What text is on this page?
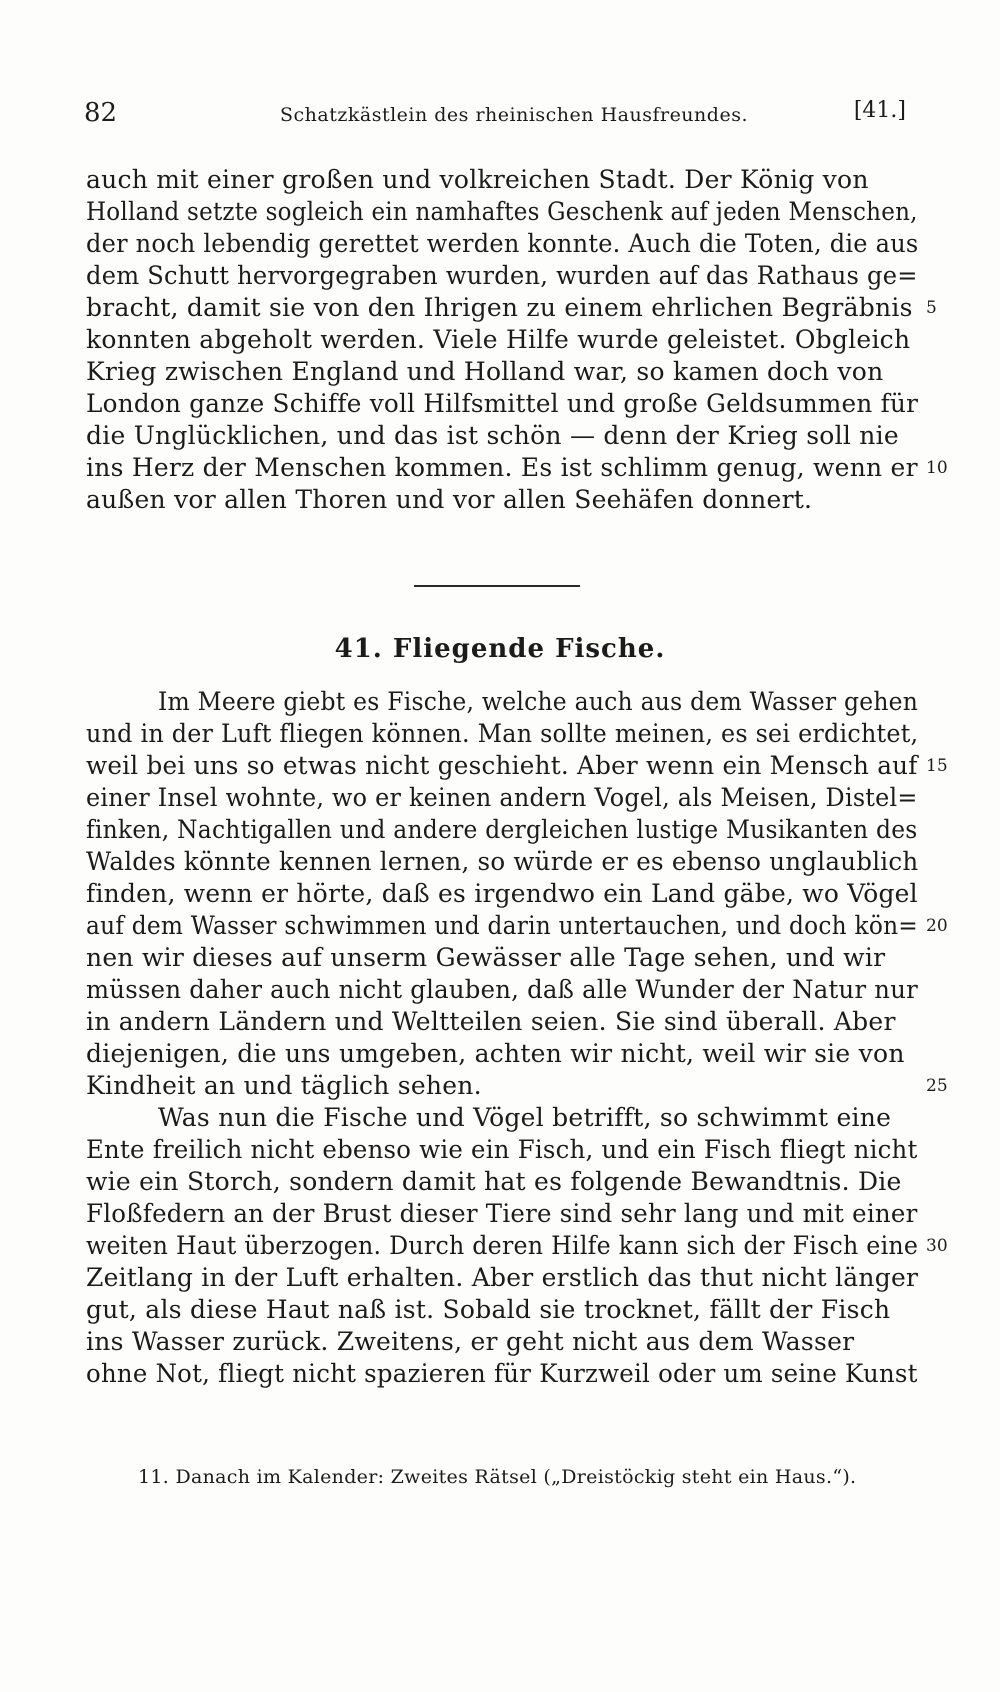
82	Schatzkästlein des rheinischen Hausfreundes.	[41.]
auch mit einer großen und volkreichen Stadt. Der König von
Holland setzte sogleich ein namhaftes Geschenk auf jeden Menschen,
der noch lebendig gerettet werden konnte. Auch die Toten, die aus
dem Schutt hervorgegraben wurden, wurden auf das Rathaus ge=
bracht, damit sie von den Ihrigen zu einem ehrlichen Begräbnis
konnten abgeholt werden. Viele Hilfe wurde geleistet. Obgleich
Krieg zwischen England und Holland war, so kamen doch von
London ganze Schiffe voll Hilfsmittel und große Geldsummen für
die Unglücklichen, und das ist schön — denn der Krieg soll nie
ins Herz der Menschen kommen. Es ist schlimm genug, wenn er
außen vor allen Thoren und vor allen Seehäfen donnert.
5
10
41. Fliegende Fische.
Im Meere giebt es Fische, welche auch aus dem Wasser gehen
und in der Luft fliegen können. Man sollte meinen, es sei erdichtet,
weil bei uns so etwas nicht geschieht. Aber wenn ein Mensch auf
einer Insel wohnte, wo er keinen andern Vogel, als Meisen, Distel=
finken, Nachtigallen und andere dergleichen lustige Musikanten des
Waldes könnte kennen lernen, so würde er es ebenso unglaublich
finden, wenn er hörte, daß es irgendwo ein Land gäbe, wo Vögel
auf dem Wasser schwimmen und darin untertauchen, und doch kön=
nen wir dieses auf unserm Gewässer alle Tage sehen, und wir
müssen daher auch nicht glauben, daß alle Wunder der Natur nur
in andern Ländern und Weltteilen seien. Sie sind überall. Aber
diejenigen, die uns umgeben, achten wir nicht, weil wir sie von
Kindheit an und täglich sehen.
Was nun die Fische und Vögel betrifft, so schwimmt eine
Ente freilich nicht ebenso wie ein Fisch, und ein Fisch fliegt nicht
wie ein Storch, sondern damit hat es folgende Bewandtnis. Die
Floßfedern an der Brust dieser Tiere sind sehr lang und mit einer
weiten Haut überzogen. Durch deren Hilfe kann sich der Fisch eine
Zeitlang in der Luft erhalten. Aber erstlich das thut nicht länger
gut, als diese Haut naß ist. Sobald sie trocknet, fällt der Fisch
ins Wasser zurück. Zweitens, er geht nicht aus dem Wasser
ohne Not, fliegt nicht spazieren für Kurzweil oder um seine Kunst
15
20
25
30
11. Danach im Kalender: Zweites Rätsel („Dreistöckig steht ein Haus.“).
